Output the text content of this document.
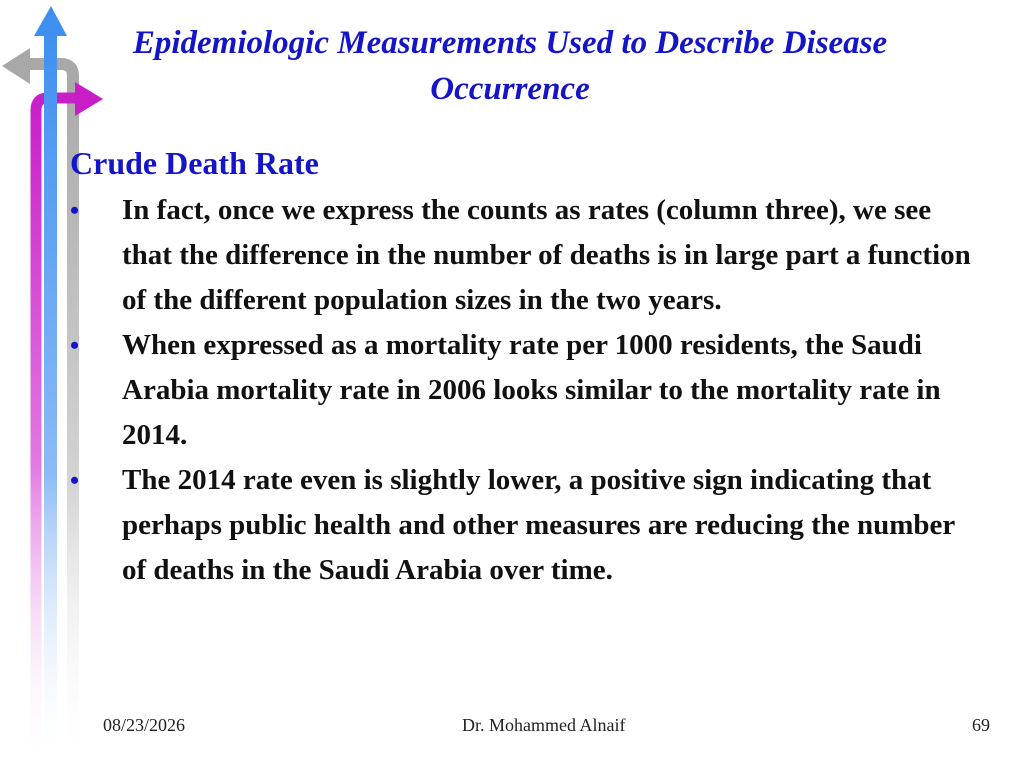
Epidemiologic Measurements Used to Describe Disease Occurrence
Crude Death Rate
•	In fact, once we express the counts as rates (column three), we see that the difference in the number of deaths is in large part a function of the different population sizes in the two years.
•	When expressed as a mortality rate per 1000 residents, the Saudi Arabia mortality rate in 2006 looks similar to the mortality rate in 2014.
•	The 2014 rate even is slightly lower, a positive sign indicating that perhaps public health and other measures are reducing the number of deaths in the Saudi Arabia over time.
08/23/2026	Dr. Mohammed Alnaif	69
